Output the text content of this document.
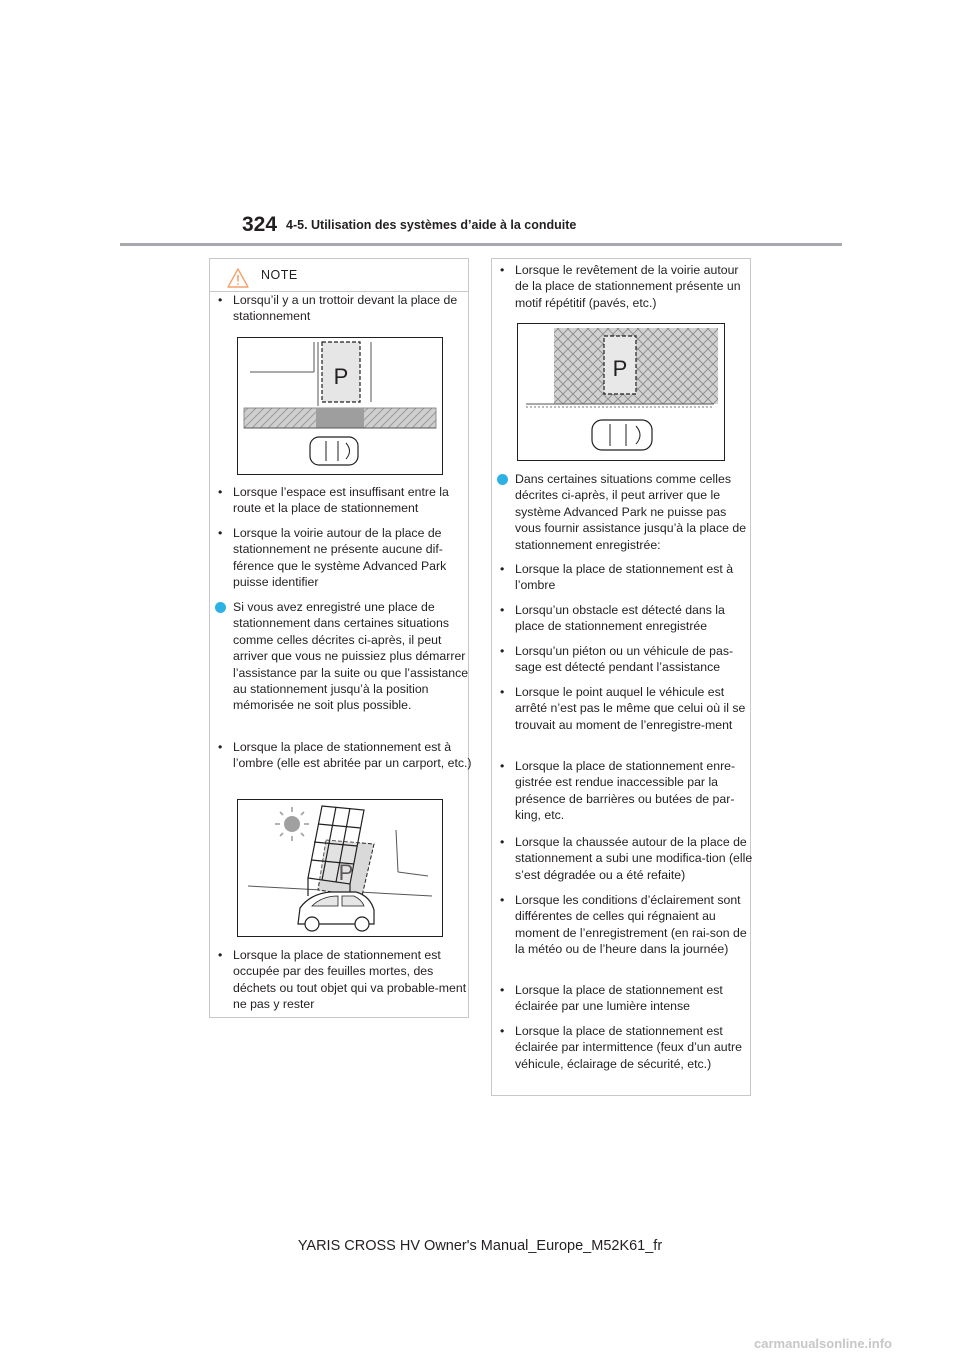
324 4-5. Utilisation des systèmes d’aide à la conduite
NOTE
• Lorsqu’il y a un trottoir devant la place de stationnement
P
• Lorsque l’espace est insuffisant entre la route et la place de stationnement
• Lorsque la voirie autour de la place de stationnement ne présente aucune dif-férence que le système Advanced Park puisse identifier
Si vous avez enregistré une place de stationnement dans certaines situations comme celles décrites ci-après, il peut arriver que vous ne puissiez plus démarrer l’assistance par la suite ou que l’assistance au stationnement jusqu’à la position mémorisée ne soit plus possible.
• Lorsque la place de stationnement est à l’ombre (elle est abritée par un carport, etc.)
• Lorsque la place de stationnement est occupée par des feuilles mortes, des déchets ou tout objet qui va probable-ment ne pas y rester
• Lorsque le revêtement de la voirie autour de la place de stationnement présente un motif répétitif (pavés, etc.)
P
Dans certaines situations comme celles décrites ci-après, il peut arriver que le système Advanced Park ne puisse pas vous fournir assistance jusqu’à la place de stationnement enregistrée:
• Lorsque la place de stationnement est à l’ombre
• Lorsqu’un obstacle est détecté dans la place de stationnement enregistrée
• Lorsqu’un piéton ou un véhicule de pas-sage est détecté pendant l’assistance
• Lorsque le point auquel le véhicule est arrêté n’est pas le même que celui où il se trouvait au moment de l’enregistre-ment
• Lorsque la place de stationnement enre-gistrée est rendue inaccessible par la présence de barrières ou butées de par-king, etc.
• Lorsque la chaussée autour de la place de stationnement a subi une modifica-tion (elle s’est dégradée ou a été refaite)
• Lorsque les conditions d’éclairement sont différentes de celles qui régnaient au moment de l’enregistrement (en rai-son de la météo ou de l’heure dans la journée)
• Lorsque la place de stationnement est éclairée par une lumière intense
• Lorsque la place de stationnement est éclairée par intermittence (feux d’un autre véhicule, éclairage de sécurité, etc.)
YARIS CROSS HV Owner's Manual_Europe_M52K61_fr
carmanualsonline.info
